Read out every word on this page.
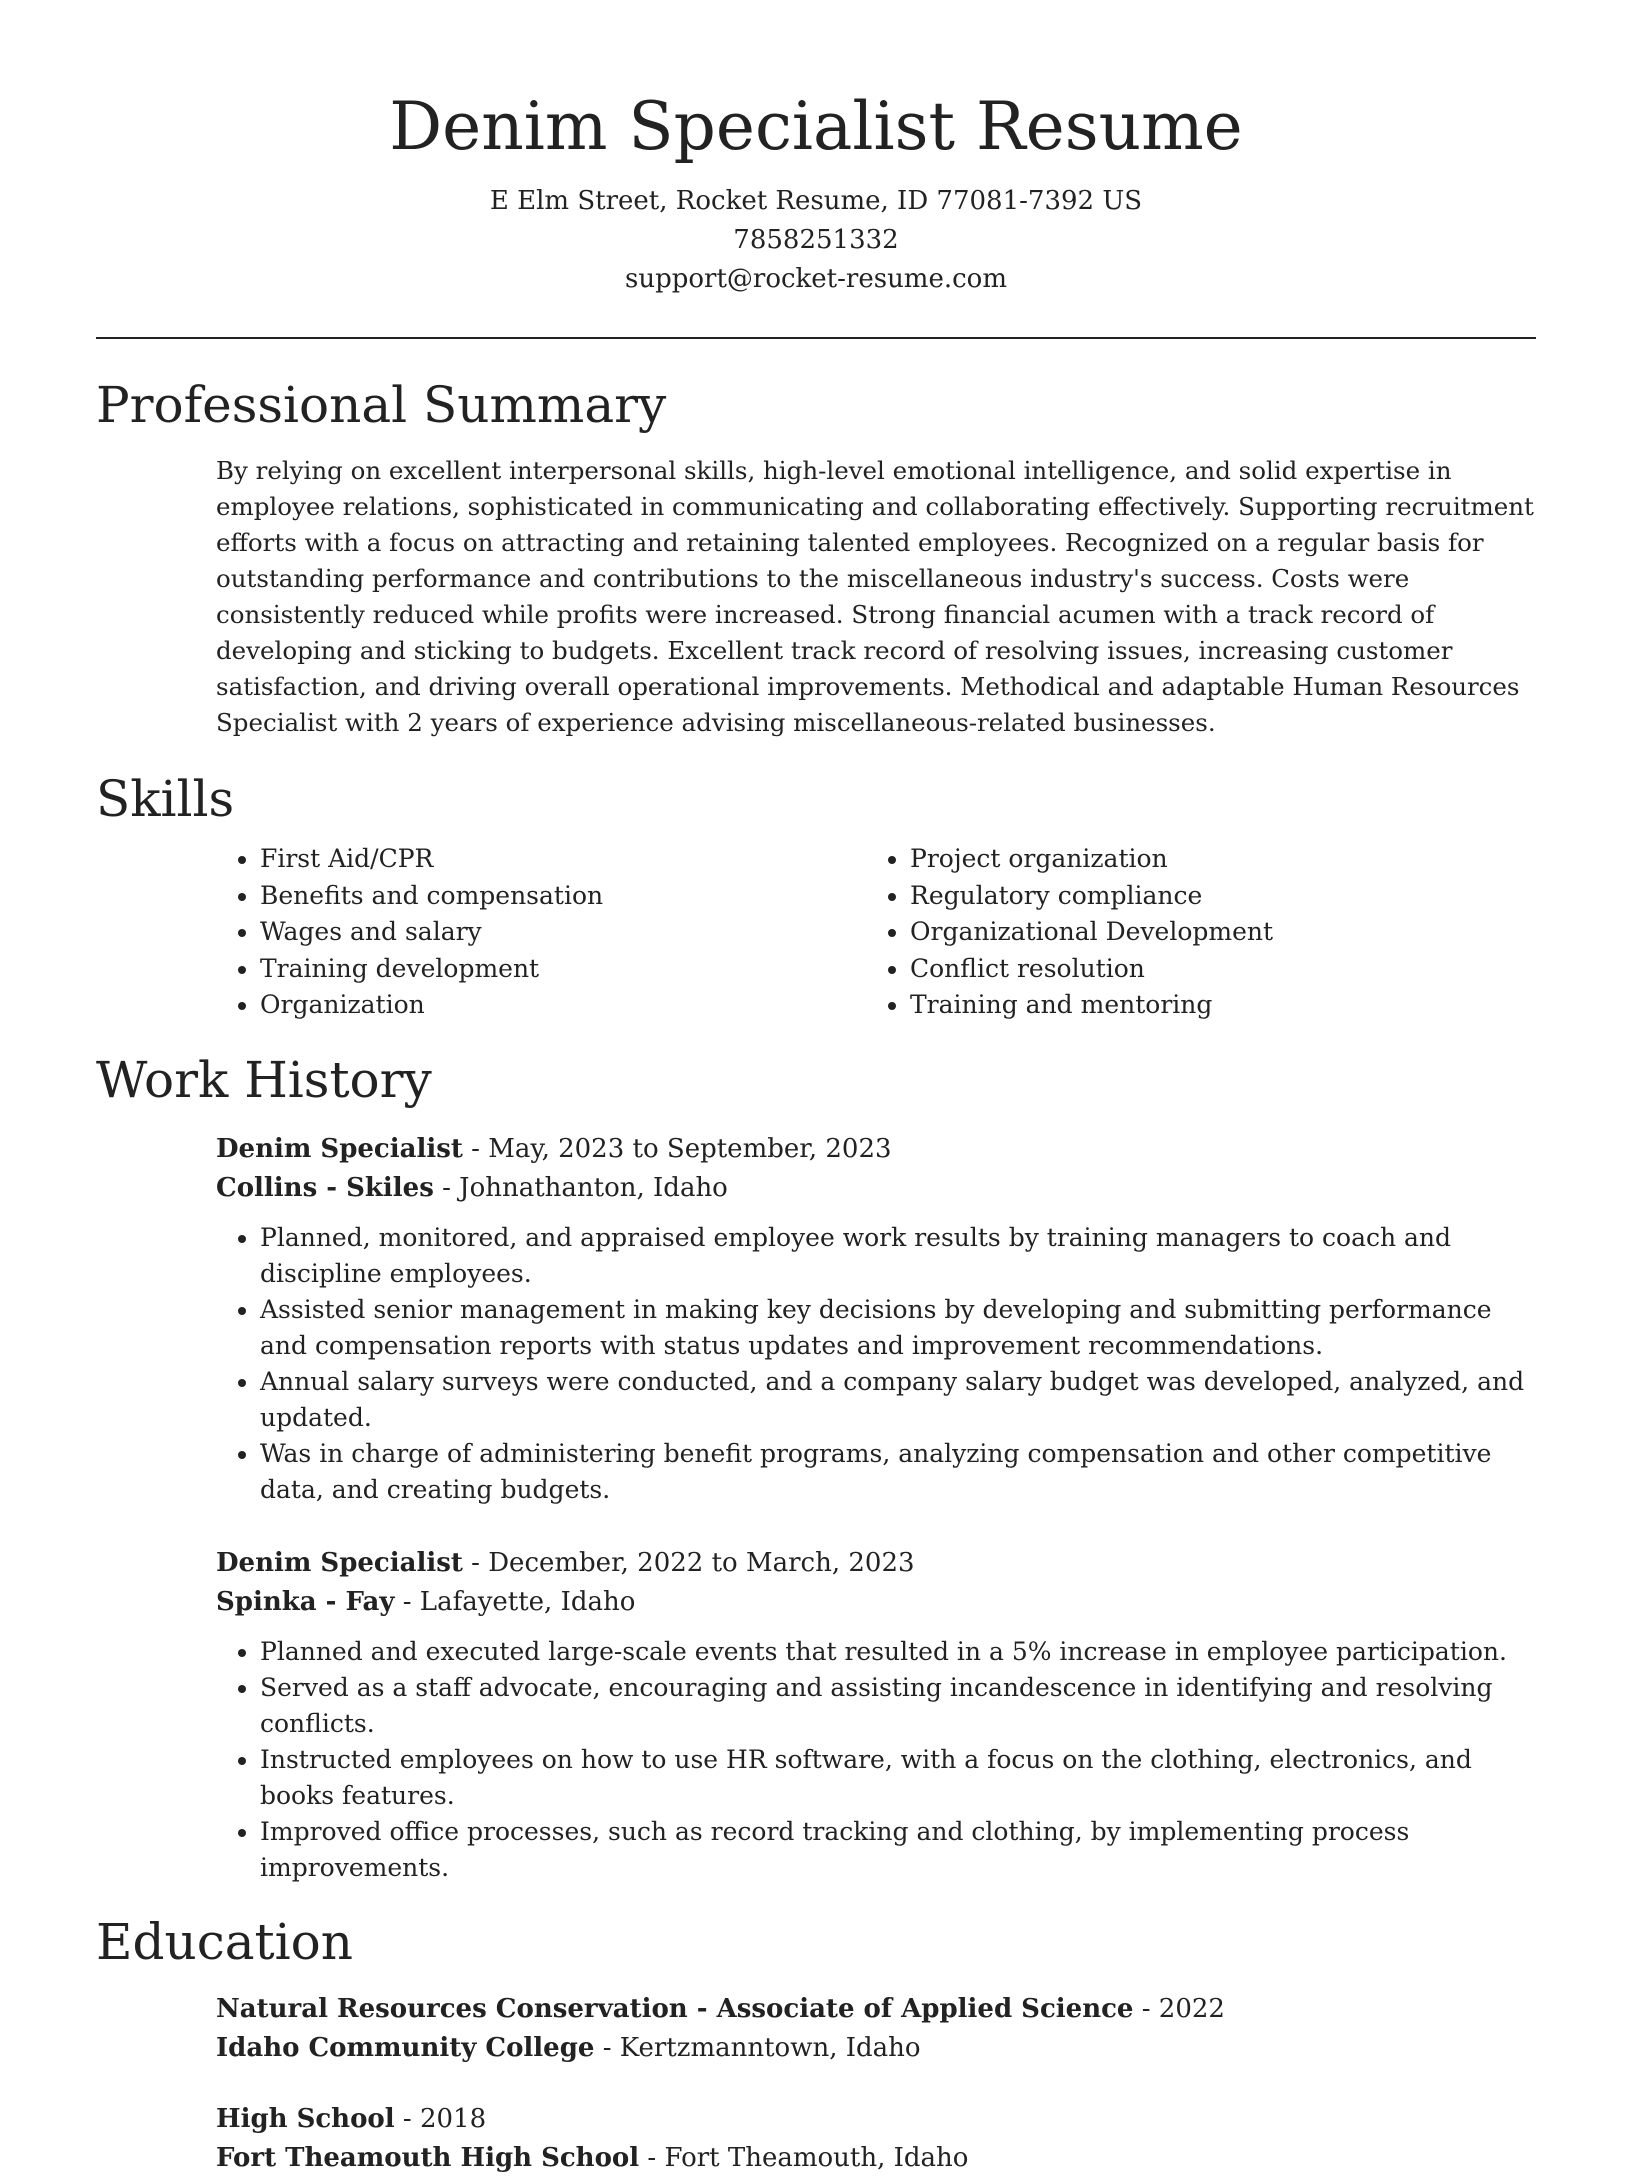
Denim Specialist Resume

E Elm Street, Rocket Resume, ID 77081-7392 US

7858251332

support@rocket-resume.com

Professional Summary

By relying on excellent interpersonal skills, high-level emotional intelligence, and solid expertise in employee relations, sophisticated in communicating and collaborating effectively. Supporting recruitment efforts with a focus on attracting and retaining talented employees. Recognized on a regular basis for outstanding performance and contributions to the miscellaneous industry's success. Costs were consistently reduced while profits were increased. Strong financial acumen with a track record of developing and sticking to budgets. Excellent track record of resolving issues, increasing customer satisfaction, and driving overall operational improvements. Methodical and adaptable Human Resources Specialist with 2 years of experience advising miscellaneous-related businesses.

Skills
• First Aid/CPR
• Benefits and compensation
• Wages and salary
• Training development
• Organization
• Project organization
• Regulatory compliance
• Organizational Development
• Conflict resolution
• Training and mentoring
Work History
Denim Specialist - May, 2023 to September, 2023
Collins - Skiles - Johnathanton, Idaho
• Planned, monitored, and appraised employee work results by training managers to coach and discipline employees.
• Assisted senior management in making key decisions by developing and submitting performance and compensation reports with status updates and improvement recommendations.
• Annual salary surveys were conducted, and a company salary budget was developed, analyzed, and updated.
• Was in charge of administering benefit programs, analyzing compensation and other competitive data, and creating budgets.
Denim Specialist - December, 2022 to March, 2023
Spinka - Fay - Lafayette, Idaho
• Planned and executed large-scale events that resulted in a 5% increase in employee participation.
• Served as a staff advocate, encouraging and assisting incandescence in identifying and resolving conflicts.
• Instructed employees on how to use HR software, with a focus on the clothing, electronics, and books features.
• Improved office processes, such as record tracking and clothing, by implementing process improvements.
Education
Natural Resources Conservation - Associate of Applied Science - 2022
Idaho Community College - Kertzmanntown, Idaho
High School - 2018
Fort Theamouth High School - Fort Theamouth, Idaho
